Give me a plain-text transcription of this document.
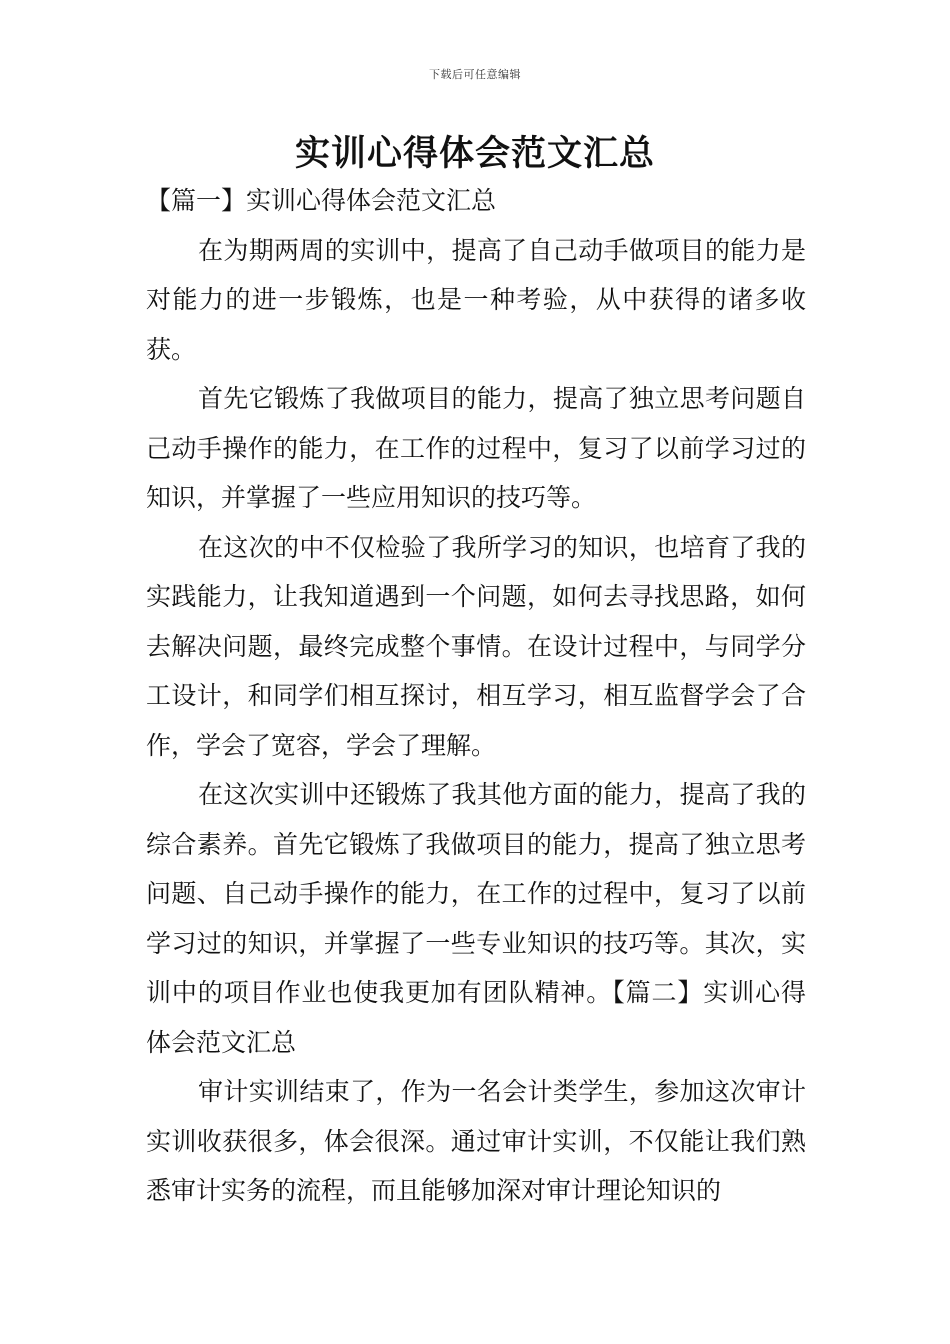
下载后可任意编辑
实训心得体会范文汇总

【篇一】实训心得体会范文汇总

在为期两周的实训中，提高了自己动手做项目的能力是对能力的进一步锻炼，也是一种考验，从中获得的诸多收获。

首先它锻炼了我做项目的能力，提高了独立思考问题自己动手操作的能力，在工作的过程中，复习了以前学习过的知识，并掌握了一些应用知识的技巧等。

在这次的中不仅检验了我所学习的知识，也培育了我的实践能力，让我知道遇到一个问题，如何去寻找思路，如何去解决问题，最终完成整个事情。在设计过程中，与同学分工设计，和同学们相互探讨，相互学习，相互监督学会了合作，学会了宽容，学会了理解。

在这次实训中还锻炼了我其他方面的能力，提高了我的综合素养。首先它锻炼了我做项目的能力，提高了独立思考问题、自己动手操作的能力，在工作的过程中，复习了以前学习过的知识，并掌握了一些专业知识的技巧等。其次，实训中的项目作业也使我更加有团队精神。【篇二】实训心得体会范文汇总

审计实训结束了，作为一名会计类学生，参加这次审计实训收获很多，体会很深。通过审计实训，不仅能让我们熟悉审计实务的流程，而且能够加深对审计理论知识的
